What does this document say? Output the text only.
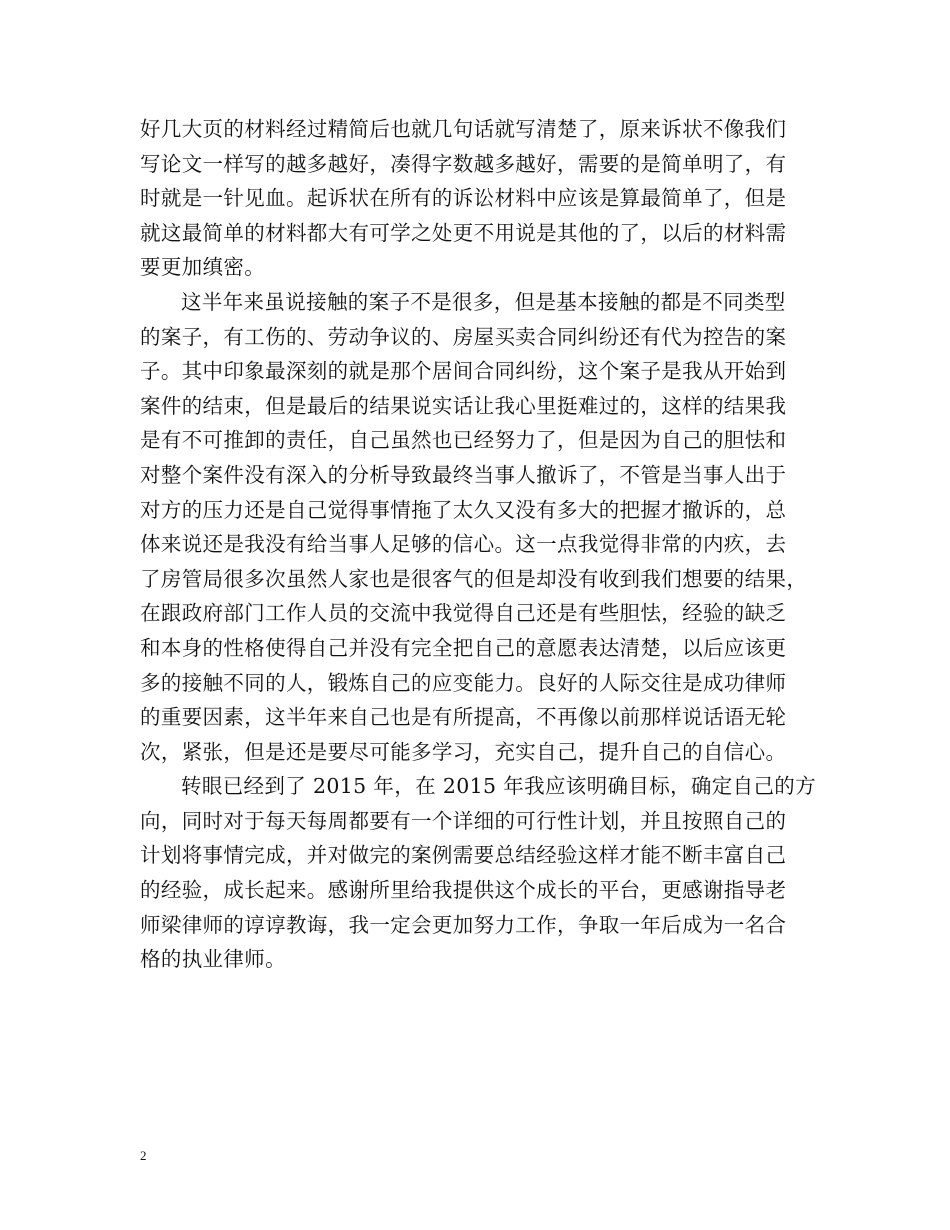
好几大页的材料经过精简后也就几句话就写清楚了，原来诉状不像我们
写论文一样写的越多越好，凑得字数越多越好，需要的是简单明了，有
时就是一针见血。起诉状在所有的诉讼材料中应该是算最简单了，但是
就这最简单的材料都大有可学之处更不用说是其他的了，以后的材料需
要更加缜密。
这半年来虽说接触的案子不是很多，但是基本接触的都是不同类型
的案子，有工伤的、劳动争议的、房屋买卖合同纠纷还有代为控告的案
子。其中印象最深刻的就是那个居间合同纠纷，这个案子是我从开始到
案件的结束，但是最后的结果说实话让我心里挺难过的，这样的结果我
是有不可推卸的责任，自己虽然也已经努力了，但是因为自己的胆怯和
对整个案件没有深入的分析导致最终当事人撤诉了，不管是当事人出于
对方的压力还是自己觉得事情拖了太久又没有多大的把握才撤诉的，总
体来说还是我没有给当事人足够的信心。这一点我觉得非常的内疚，去
了房管局很多次虽然人家也是很客气的但是却没有收到我们想要的结果，
在跟政府部门工作人员的交流中我觉得自己还是有些胆怯，经验的缺乏
和本身的性格使得自己并没有完全把自己的意愿表达清楚，以后应该更
多的接触不同的人，锻炼自己的应变能力。良好的人际交往是成功律师
的重要因素，这半年来自己也是有所提高，不再像以前那样说话语无轮
次，紧张，但是还是要尽可能多学习，充实自己，提升自己的自信心。
转眼已经到了 2015 年，在 2015 年我应该明确目标，确定自己的方
向，同时对于每天每周都要有一个详细的可行性计划，并且按照自己的
计划将事情完成，并对做完的案例需要总结经验这样才能不断丰富自己
的经验，成长起来。感谢所里给我提供这个成长的平台，更感谢指导老
师梁律师的谆谆教诲，我一定会更加努力工作，争取一年后成为一名合
格的执业律师。
2
